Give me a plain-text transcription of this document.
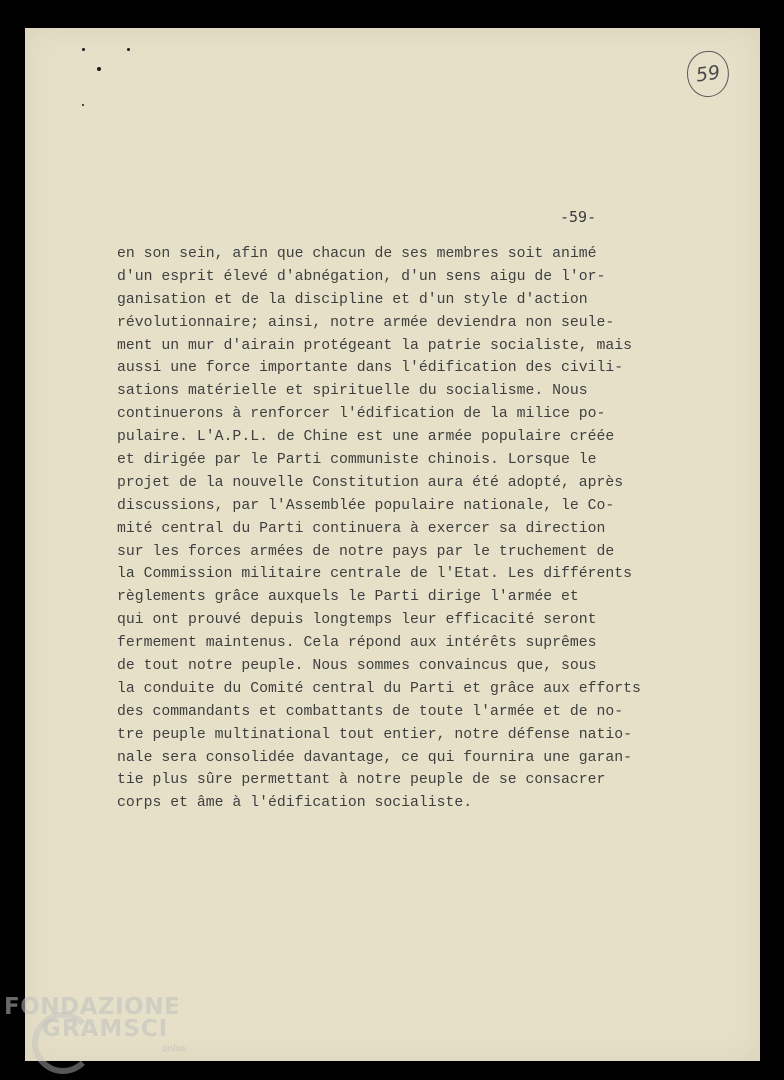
59
-59-
en son sein, afin que chacun de ses membres soit animé
d'un esprit élevé d'abnégation, d'un sens aigu de l'or-
ganisation et de la discipline et d'un style d'action
révolutionnaire; ainsi, notre armée deviendra non seule-
ment un mur d'airain protégeant la patrie socialiste, mais
aussi une force importante dans l'édification des civili-
sations matérielle et spirituelle du socialisme. Nous
continuerons à renforcer l'édification de la milice po-
pulaire. L'A.P.L. de Chine est une armée populaire créée
et dirigée par le Parti communiste chinois. Lorsque le
projet de la nouvelle Constitution aura été adopté, après
discussions, par l'Assemblée populaire nationale, le Co-
mité central du Parti continuera à exercer sa direction
sur les forces armées de notre pays par le truchement de
la Commission militaire centrale de l'Etat. Les différents
règlements grâce auxquels le Parti dirige l'armée et
qui ont prouvé depuis longtemps leur efficacité seront
fermement maintenus. Cela répond aux intérêts suprêmes
de tout notre peuple. Nous sommes convaincus que, sous
la conduite du Comité central du Parti et grâce aux efforts
des commandants et combattants de toute l'armée et de no-
tre peuple multinational tout entier, notre défense natio-
nale sera consolidée davantage, ce qui fournira une garan-
tie plus sûre permettant à notre peuple de se consacrer
corps et âme à l'édification socialiste.
FONDAZIONE
GRAMSCI
onlus
